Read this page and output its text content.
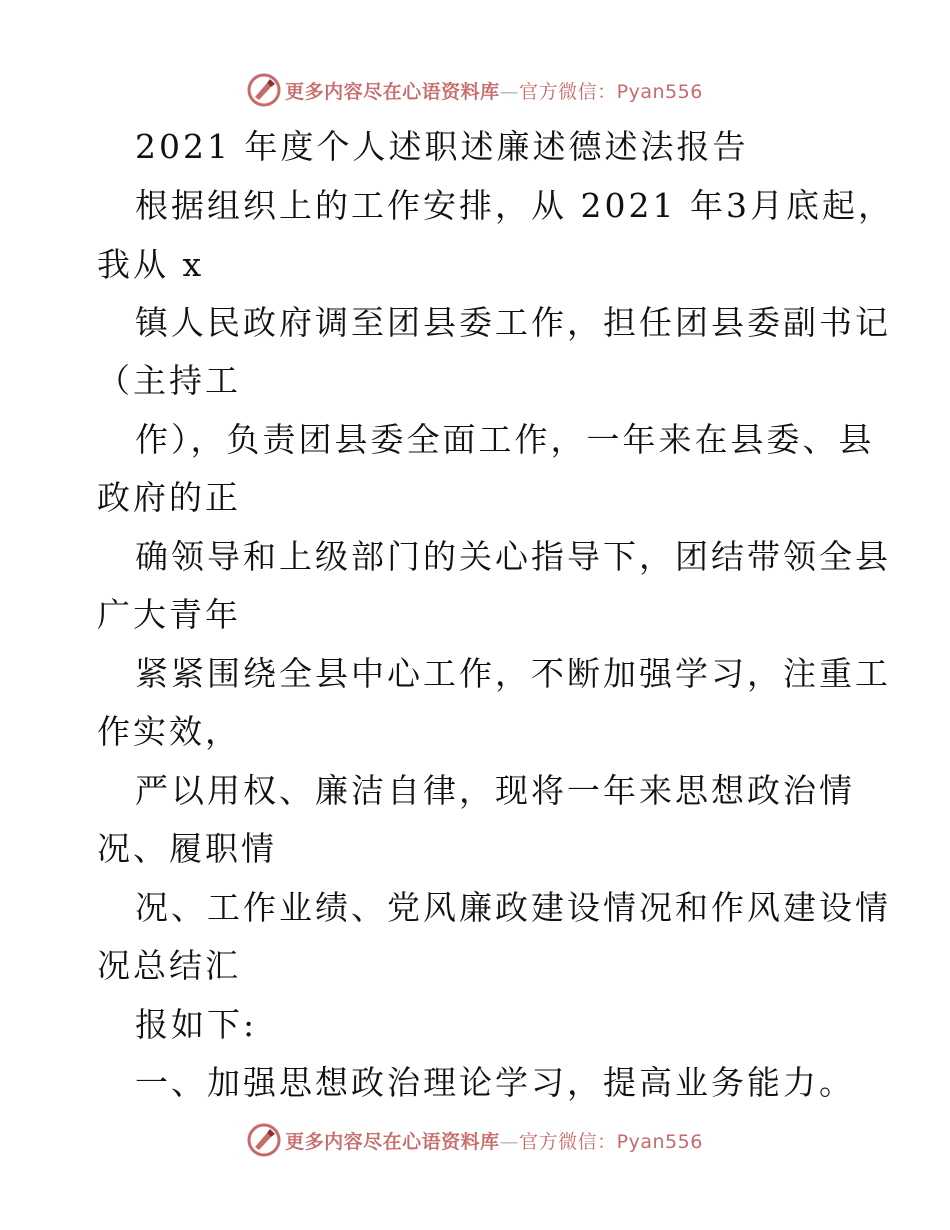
更多内容尽在心语资料库—官方微信：Pyan556
2021 年度个人述职述廉述德述法报告
根据组织上的工作安排，从 2021 年3月底起，
我从 x
镇人民政府调至团县委工作，担任团县委副书记
（主持工
作），负责团县委全面工作，一年来在县委、县
政府的正
确领导和上级部门的关心指导下，团结带领全县
广大青年
紧紧围绕全县中心工作，不断加强学习，注重工
作实效，
严以用权、廉洁自律，现将一年来思想政治情
况、履职情
况、工作业绩、党风廉政建设情况和作风建设情
况总结汇
报如下:
一、加强思想政治理论学习，提高业务能力。
更多内容尽在心语资料库—官方微信：Pyan556
